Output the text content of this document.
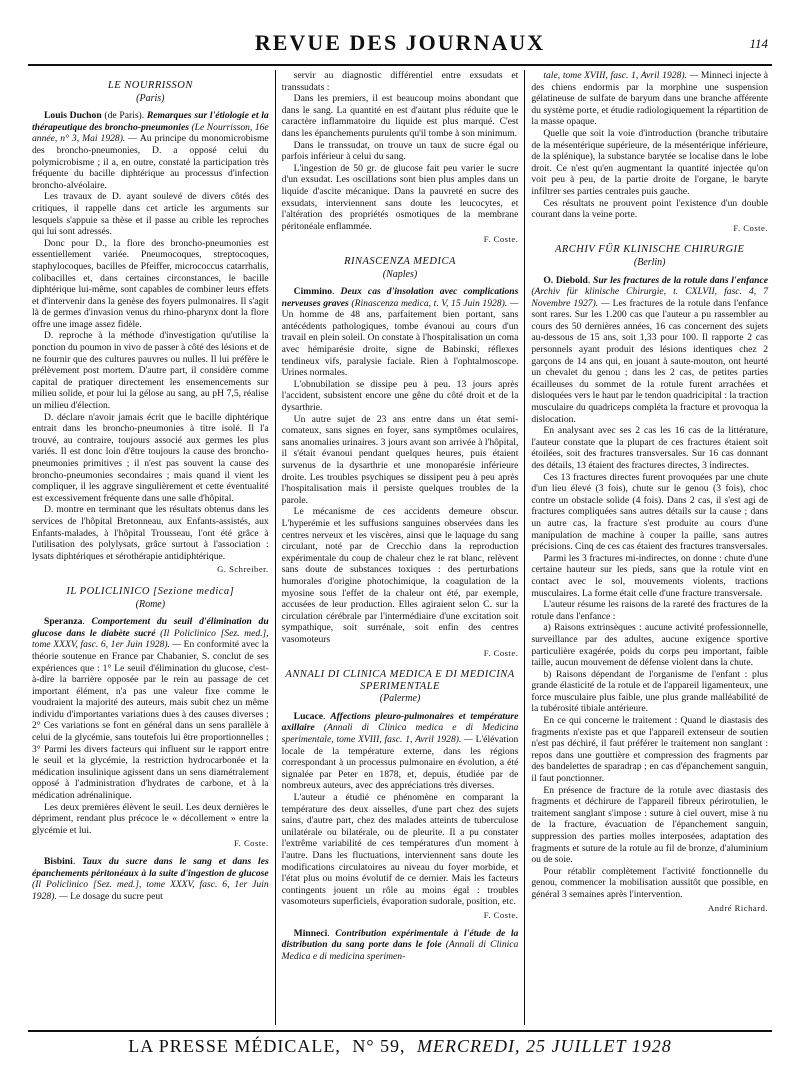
REVUE DES JOURNAUX	114
LE NOURRISSON
(Paris)

Louis Duchon (de Paris). Remarques sur l'étiologie et la thérapeutique des broncho-pneumonies (Le Nourrisson, 16e année, n° 3, Mai 1928). — Au principe du monomicrobisme des broncho-pneumonies, D. a opposé celui du polymicrobisme ; il a, en outre, constaté la participation très fréquente du bacille diphtérique au processus d'infection broncho-alvéolaire.

Les travaux de D. ayant soulevé de divers côtés des critiques, il rappelle dans cet article les arguments sur lesquels s'appuie sa thèse et il passe au crible les reproches qui lui sont adressés.

Donc pour D., la flore des broncho-pneumonies est essentiellement variée. Pneumocoques, streptocoques, staphylocoques, bacilles de Pfeiffer, micrococcus catarrhalis, colibacilles et, dans certaines circonstances, le bacille diphtérique lui-même, sont capables de combiner leurs effets et d'intervenir dans la genèse des foyers pulmonaires. Il s'agit là de germes d'invasion venus du rhino-pharynx dont la flore offre une image assez fidèle.

D. reproche à la méthode d'investigation qu'utilise la ponction du poumon in vivo de passer à côté des lésions et de ne fournir que des cultures pauvres ou nulles. Il lui préfère le prélèvement post mortem. D'autre part, il considère comme capital de pratiquer directement les ensemencements sur milieu solide, et pour lui la gélose au sang, au pH 7,5, réalise un milieu d'élection.

D. déclare n'avoir jamais écrit que le bacille diphtérique entrait dans les broncho-pneumonies à titre isolé. Il l'a trouvé, au contraire, toujours associé aux germes les plus variés. Il est donc loin d'être toujours la cause des broncho-pneumonies primitives ; il n'est pas souvent la cause des broncho-pneumonies secondaires ; mais quand il vient les compliquer, il les aggrave singulièrement et cette éventualité est excessivement fréquente dans une salle d'hôpital.

D. montre en terminant que les résultats obtenus dans les services de l'hôpital Bretonneau, aux Enfants-assistés, aux Enfants-malades, à l'hôpital Trousseau, l'ont été grâce à l'utilisation des polylysats, grâce surtout à l'association : lysats diphtériques et sérothérapie antidiphtérique.

G. Schreiber.
IL POLICLINICO [Sezione medica]
(Rome)

Speranza. Comportement du seuil d'élimination du glucose dans le diabète sucré (Il Policlinico [Sez. med.], tome XXXV, fasc. 6, 1er Juin 1928). — En conformité avec la théorie soutenue en France par Chabanier, S. conclut de ses expériences que : 1° Le seuil d'élimination du glucose, c'est-à-dire la barrière opposée par le rein au passage de cet important élément, n'a pas une valeur fixe comme le voudraient la majorité des auteurs, mais subit chez un même individu d'importantes variations dues à des causes diverses ; 2° Ces variations se font en général dans un sens parallèle à celui de la glycémie, sans toutefois lui être proportionnelles ; 3° Parmi les divers facteurs qui influent sur le rapport entre le seuil et la glycémie, la restriction hydrocarbonée et la médication insulinique agissent dans un sens diamétralement opposé à l'administration d'hydrates de carbone, et à la médication adrénalinique.

Les deux premières élèvent le seuil. Les deux dernières le dépriment, rendant plus précoce le « décollement » entre la glycémie et lui.

F. Coste.

Bisbini. Taux du sucre dans le sang et dans les épanchements péritonéaux à la suite d'ingestion de glucose (Il Policlinico [Sez. med.], tome XXXV, fasc. 6, 1er Juin 1928). — Le dosage du sucre peut

servir au diagnostic différentiel entre exsudats et transsudats :

Dans les premiers, il est beaucoup moins abondant que dans le sang. La quantité en est d'autant plus réduite que le caractère inflammatoire du liquide est plus marqué. C'est dans les épanchements purulents qu'il tombe à son minimum.

Dans le transsudat, on trouve un taux de sucre égal ou parfois inférieur à celui du sang.

L'ingestion de 50 gr. de glucose fait peu varier le sucre d'un exsudat. Les oscillations sont bien plus amples dans un liquide d'ascite mécanique. Dans la pauvreté en sucre des exsudats, interviennent sans doute les leucocytes, et l'altération des propriétés osmotiques de la membrane péritonéale enflammée.

F. Coste.
RINASCENZA MEDICA
(Naples)

Cimmino. Deux cas d'insolation avec complications nerveuses graves (Rinascenza medica, t. V, 15 Juin 1928). — Un homme de 48 ans, parfaitement bien portant, sans antécédents pathologiques, tombe évanoui au cours d'un travail en plein soleil. On constate à l'hospitalisation un coma avec hémiparésie droite, signe de Babinski, réflexes tendineux vifs, paralysie faciale. Rien à l'ophtalmoscope. Urines normales.

L'obnubilation se dissipe peu à peu. 13 jours après l'accident, subsistent encore une gêne du côté droit et de la dysarthrie.

Un autre sujet de 23 ans entre dans un état semi-comateux, sans signes en foyer, sans symptômes oculaires, sans anomalies urinaires. 3 jours avant son arrivée à l'hôpital, il s'était évanoui pendant quelques heures, puis étaient survenus de la dysarthrie et une monoparésie inférieure droite. Les troubles psychiques se dissipent peu à peu après l'hospitalisation mais il persiste quelques troubles de la parole.

Le mécanisme de ces accidents demeure obscur. L'hyperémie et les suffusions sanguines observées dans les centres nerveux et les viscères, ainsi que le laquage du sang circulant, noté par de Crecchio dans la reproduction expérimentale du coup de chaleur chez le rat blanc, relèvent sans doute de substances toxiques : des perturbations humorales d'origine photochimique, la coagulation de la myosine sous l'effet de la chaleur ont été, par exemple, accusées de leur production. Elles agiraient selon C. sur la circulation cérébrale par l'intermédiaire d'une excitation soit sympathique, soit surrénale, soit enfin des centres vasomoteurs

F. Coste.
ANNALI DI CLINICA MEDICA E DI MEDICINA SPERIMENTALE
(Palerme)

Lucace. Affections pleuro-pulmonaires et température axillaire (Annali di Clinica medica e di Medicina sperimentale, tome XVIII, fasc. 1, Avril 1928). — L'élévation locale de la température externe, dans les régions correspondant à un processus pulmonaire en évolution, a été signalée par Peter en 1878, et, depuis, étudiée par de nombreux auteurs, avec des appréciations très diverses.

L'auteur a étudié ce phénomène en comparant la température des deux aisselles, d'une part chez des sujets sains, d'autre part, chez des malades atteints de tuberculose unilatérale ou bilatérale, ou de pleurite. Il a pu constater l'extrême variabilité de ces températures d'un moment à l'autre. Dans les fluctuations, interviennent sans doute les modifications circulatoires au niveau du foyer morbide, et l'état plus ou moins évolutif de ce dernier. Mais les facteurs contingents jouent un rôle au moins égal : troubles vasomoteurs superficiels, évaporation sudorale, position, etc.

F. Coste.

Minneci. Contribution expérimentale à l'étude de la distribution du sang porte dans le foie (Annali di Clinica Medica e di medicina sperimen-

tale, tome XVIII, fasc. 1, Avril 1928). — Minneci injecte à des chiens endormis par la morphine une suspension gélatineuse de sulfate de baryum dans une branche afférente du système porte, et étudie radiologiquement la répartition de la masse opaque.

Quelle que soit la voie d'introduction (branche tributaire de la mésentérique supérieure, de la mésentérique inférieure, de la splénique), la substance barytée se localise dans le lobe droit. Ce n'est qu'en augmentant la quantité injectée qu'on voit peu à peu, de la partie droite de l'organe, le baryte infiltrer ses parties centrales puis gauche.

Ces résultats ne prouvent point l'existence d'un double courant dans la veine porte.

F. Coste.
ARCHIV FÜR KLINISCHE CHIRURGIE
(Berlin)

O. Diebold. Sur les fractures de la rotule dans l'enfance (Archiv für klinische Chirurgie, t. CXLVII, fasc. 4, 7 Novembre 1927). — Les fractures de la rotule dans l'enfance sont rares. Sur les 1.200 cas que l'auteur a pu rassembler au cours des 50 dernières années, 16 cas concernent des sujets au-dessous de 15 ans, soit 1,33 pour 100. Il rapporte 2 cas personnels ayant produit des lésions identiques chez 2 garçons de 14 ans qui, en jouant à saute-mouton, ont heurté un chevalet du genou ; dans les 2 cas, de petites parties écailleuses du sommet de la rotule furent arrachées et disloquées vers le haut par le tendon quadricipital : la traction musculaire du quadriceps compléta la fracture et provoqua la dislocation.

En analysant avec ses 2 cas les 16 cas de la littérature, l'auteur constate que la plupart de ces fractures étaient soit étoilées, soit des fractures transversales. Sur 16 cas donnant des détails, 13 étaient des fractures directes, 3 indirectes.

Ces 13 fractures directes furent provoquées par une chute d'un lieu élevé (3 fois), chute sur le genou (3 fois), choc contre un obstacle solide (4 fois). Dans 2 cas, il s'est agi de fractures compliquées sans autres détails sur la cause ; dans un autre cas, la fracture s'est produite au cours d'une manipulation de machine à couper la paille, sans autres précisions. Cinq de ces cas étaient des fractures transversales.

Parmi les 3 fractures mi-indirectes, on donne : chute d'une certaine hauteur sur les pieds, sans que la rotule vint en contact avec le sol, mouvements violents, tractions musculaires. La forme était celle d'une fracture transversale.

L'auteur résume les raisons de la rareté des fractures de la rotule dans l'enfance :

a) Raisons extrinsèques : aucune activité professionnelle, surveillance par des adultes, aucune exigence sportive particulière exagérée, poids du corps peu important, faible taille, aucun mouvement de défense violent dans la chute.

b) Raisons dépendant de l'organisme de l'enfant : plus grande élasticité de la rotule et de l'appareil ligamenteux, une force musculaire plus faible, une plus grande malléabilité de la tubérosité tibiale antérieure.

En ce qui concerne le traitement : Quand le diastasis des fragments n'existe pas et que l'appareil extenseur de soutien n'est pas déchiré, il faut préférer le traitement non sanglant : repos dans une gouttière et compression des fragments par des bandelettes de sparadrap ; en cas d'épanchement sanguin, il faut ponctionner.

En présence de fracture de la rotule avec diastasis des fragments et déchirure de l'appareil fibreux périrotulien, le traitement sanglant s'impose : suture à ciel ouvert, mise à nu de la fracture, évacuation de l'épanchement sanguin, suppression des parties molles interposées, adaptation des fragments et suture de la rotule au fil de bronze, d'aluminium ou de soie.

Pour rétablir complètement l'activité fonctionnelle du genou, commencer la mobilisation aussitôt que possible, en général 3 semaines après l'intervention.

André Richard.
LA PRESSE MÉDICALE, N° 59, MERCREDI, 25 JUILLET 1928
